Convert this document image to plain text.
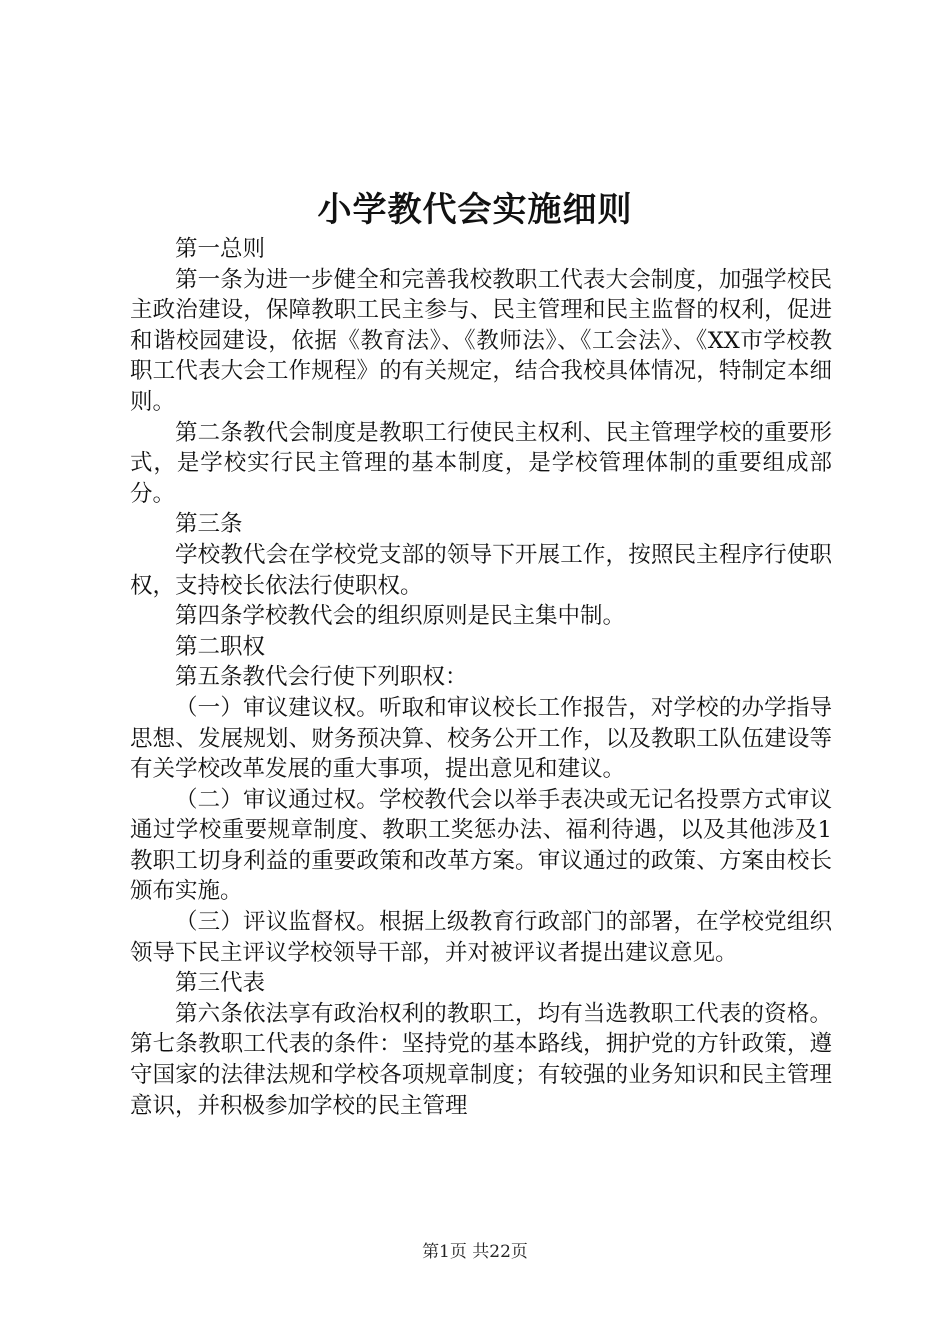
小学教代会实施细则

第一总则

第一条为进一步健全和完善我校教职工代表大会制度，加强学校民主政治建设，保障教职工民主参与、民主管理和民主监督的权利，促进和谐校园建设，依据《教育法》、《教师法》、《工会法》、《XX市学校教职工代表大会工作规程》的有关规定，结合我校具体情况，特制定本细则。

第二条教代会制度是教职工行使民主权利、民主管理学校的重要形式，是学校实行民主管理的基本制度，是学校管理体制的重要组成部分。

第三条

学校教代会在学校党支部的领导下开展工作，按照民主程序行使职权，支持校长依法行使职权。

第四条学校教代会的组织原则是民主集中制。

第二职权

第五条教代会行使下列职权：

（一）审议建议权。听取和审议校长工作报告，对学校的办学指导思想、发展规划、财务预决算、校务公开工作，以及教职工队伍建设等有关学校改革发展的重大事项，提出意见和建议。

（二）审议通过权。学校教代会以举手表决或无记名投票方式审议通过学校重要规章制度、教职工奖惩办法、福利待遇，以及其他涉及1教职工切身利益的重要政策和改革方案。审议通过的政策、方案由校长颁布实施。

（三）评议监督权。根据上级教育行政部门的部署，在学校党组织领导下民主评议学校领导干部，并对被评议者提出建议意见。

第三代表

第六条依法享有政治权利的教职工，均有当选教职工代表的资格。第七条教职工代表的条件：坚持党的基本路线，拥护党的方针政策，遵守国家的法律法规和学校各项规章制度；有较强的业务知识和民主管理意识，并积极参加学校的民主管理

第1页 共22页
